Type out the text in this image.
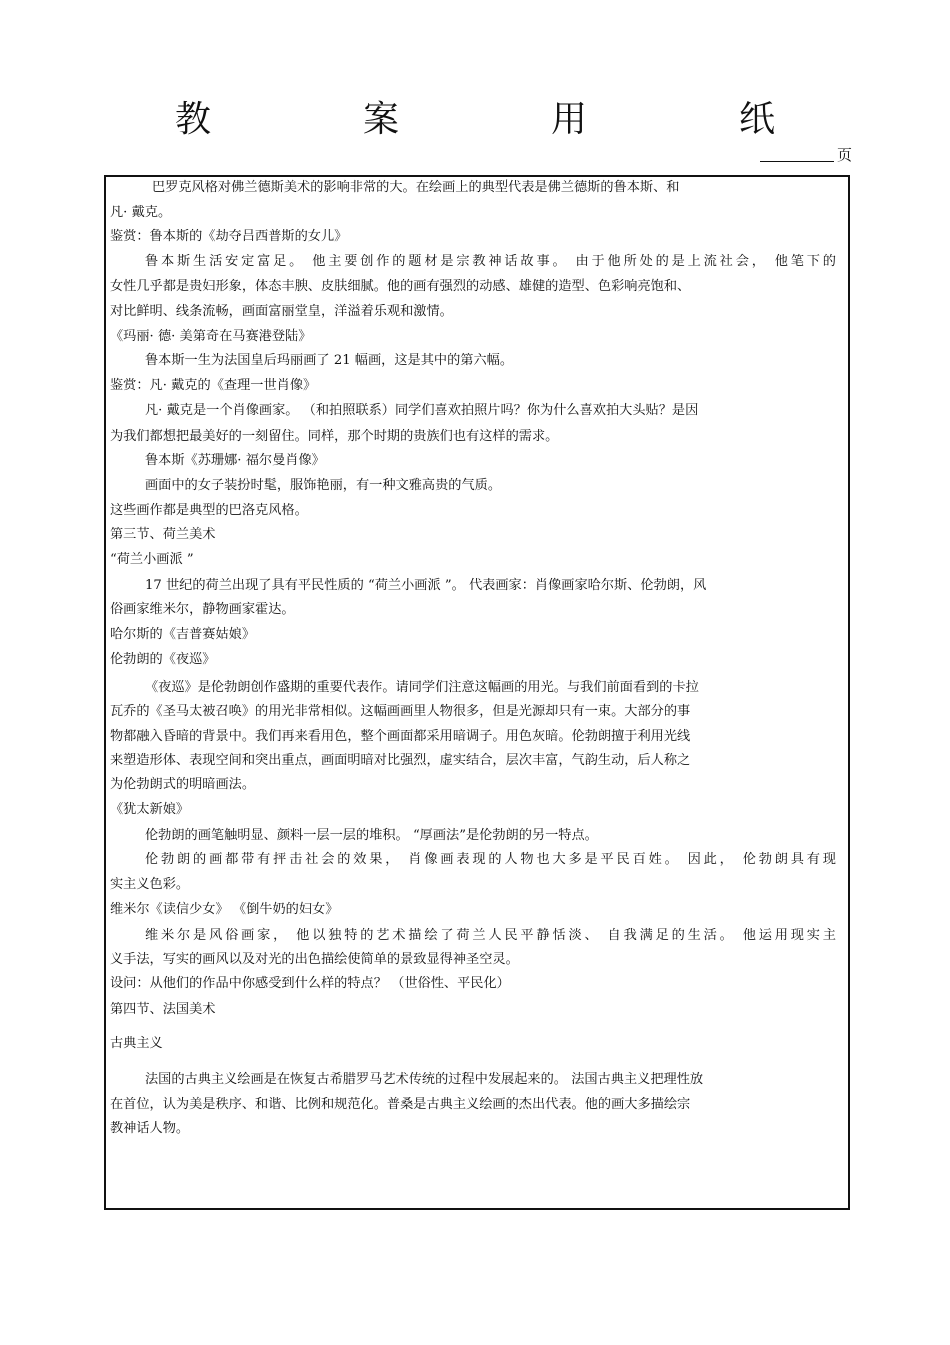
教　案　用　纸
页
巴罗克风格对佛兰德斯美术的影响非常的大。在绘画上的典型代表是佛兰德斯的鲁本斯、和
凡· 戴克。
鉴赏：鲁本斯的《劫夺吕西普斯的女儿》
鲁本斯生活安定富足。 他主要创作的题材是宗教神话故事。 由于他所处的是上流社会， 他笔下的
女性几乎都是贵妇形象，体态丰腴、皮肤细腻。他的画有强烈的动感、雄健的造型、色彩响亮饱和、
对比鲜明、线条流畅，画面富丽堂皇，洋溢着乐观和激情。
《玛丽· 德· 美第奇在马赛港登陆》
鲁本斯一生为法国皇后玛丽画了 21 幅画，这是其中的第六幅。
鉴赏：凡· 戴克的《查理一世肖像》
凡· 戴克是一个肖像画家。 （和拍照联系）同学们喜欢拍照片吗？你为什么喜欢拍大头贴？是因
为我们都想把最美好的一刻留住。同样，那个时期的贵族们也有这样的需求。
鲁本斯《苏珊娜· 福尔曼肖像》
画面中的女子装扮时髦，服饰艳丽，有一种文雅高贵的气质。
这些画作都是典型的巴洛克风格。
第三节、荷兰美术
“荷兰小画派 ”
17 世纪的荷兰出现了具有平民性质的 “荷兰小画派 ”。 代表画家：肖像画家哈尔斯、伦勃朗，风
俗画家维米尔，静物画家霍达。
哈尔斯的《吉普赛姑娘》
伦勃朗的《夜巡》
《夜巡》是伦勃朗创作盛期的重要代表作。请同学们注意这幅画的用光。与我们前面看到的卡拉
瓦乔的《圣马太被召唤》的用光非常相似。这幅画画里人物很多，但是光源却只有一束。大部分的事
物都融入昏暗的背景中。我们再来看用色，整个画面都采用暗调子。用色灰暗。伦勃朗擅于利用光线
来塑造形体、表现空间和突出重点，画面明暗对比强烈，虚实结合，层次丰富，气韵生动，后人称之
为伦勃朗式的明暗画法。
《犹太新娘》
伦勃朗的画笔触明显、颜料一层一层的堆积。 “厚画法”是伦勃朗的另一特点。
伦勃朗的画都带有抨击社会的效果， 肖像画表现的人物也大多是平民百姓。 因此， 伦勃朗具有现
实主义色彩。
维米尔《读信少女》 《倒牛奶的妇女》
维米尔是风俗画家， 他以独特的艺术描绘了荷兰人民平静恬淡、 自我满足的生活。 他运用现实主
义手法，写实的画风以及对光的出色描绘使简单的景致显得神圣空灵。
设问：从他们的作品中你感受到什么样的特点？ （世俗性、平民化）
第四节、法国美术
古典主义
法国的古典主义绘画是在恢复古希腊罗马艺术传统的过程中发展起来的。 法国古典主义把理性放
在首位，认为美是秩序、和谐、比例和规范化。普桑是古典主义绘画的杰出代表。他的画大多描绘宗
教神话人物。
